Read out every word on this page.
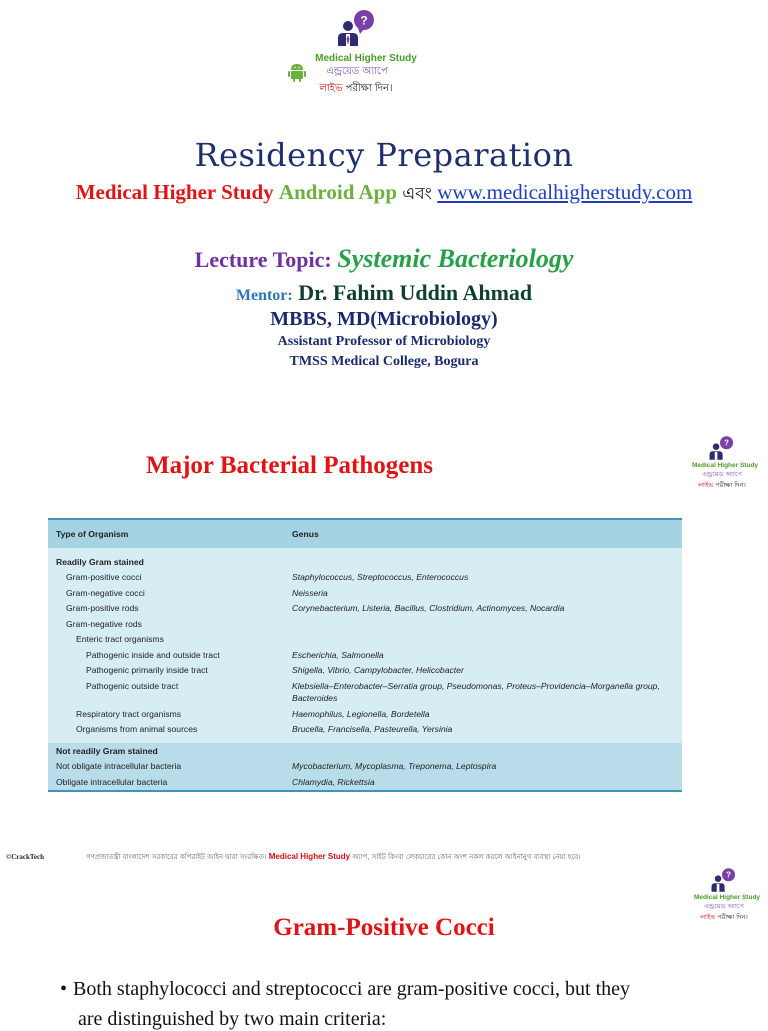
?
Medical Higher Study
এন্ড্রয়েড অ্যাপে
লাইভ পরীক্ষা দিন।
Residency Preparation
Medical Higher Study Android App এবং www.medicalhigherstudy.com
Lecture Topic: Systemic Bacteriology
Mentor: Dr. Fahim Uddin Ahmad
MBBS, MD(Microbiology)
Assistant Professor of Microbiology
TMSS Medical College, Bogura
?
Medical Higher Study
এন্ড্রয়েড অ্যাপে
লাইভ পরীক্ষা দিন।
Major Bacterial Pathogens
Type of Organism	Genus

Readily Gram stained	
Gram-positive cocci	Staphylococcus, Streptococcus, Enterococcus
Gram-negative cocci	Neisseria
Gram-positive rods	Corynebacterium, Listeria, Bacillus, Clostridium, Actinomyces, Nocardia
Gram-negative rods	
Enteric tract organisms	
Pathogenic inside and outside tract	Escherichia, Salmonella
Pathogenic primarily inside tract	Shigella, Vibrio, Campylobacter, Helicobacter
Pathogenic outside tract	Klebsiella–Enterobacter–Serratia group, Pseudomonas, Proteus–Providencia–Morganella group, Bacteroides
Respiratory tract organisms	Haemophilus, Legionella, Bordetella
Organisms from animal sources	Brucella, Francisella, Pasteurella, Yersinia

Not readily Gram stained	
Not obligate intracellular bacteria	Mycobacterium, Mycoplasma, Treponema, Leptospira
Obligate intracellular bacteria	Chlamydia, Rickettsia
©CrackTech	গণপ্রজাতন্ত্রী বাংলাদেশ সরকারের কপিরাইট আইন দ্বারা সংরক্ষিত। Medical Higher Study অ্যাপ, সাইট কিংবা লেকচারের কোন অংশ নকল করলে আইনানুগ ব্যবস্থা নেয়া হবে।
?
Medical Higher Study
এন্ড্রয়েড অ্যাপে
লাইভ পরীক্ষা দিন।
Gram-Positive Cocci
• Both staphylococci and streptococci are gram-positive cocci, but they
are distinguished by two main criteria:
